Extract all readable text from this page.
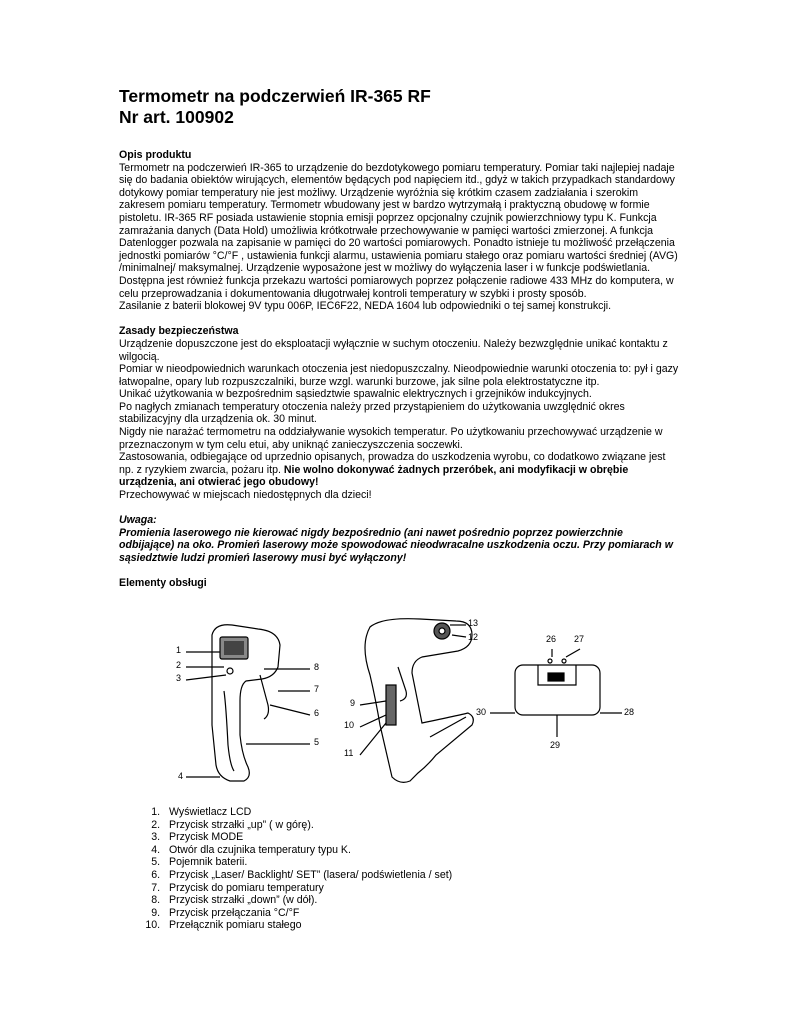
Termometr na podczerwień IR-365 RF
Nr art. 100902
Opis produktu

Termometr na podczerwień IR-365 to urządzenie do bezdotykowego pomiaru temperatury. Pomiar taki najlepiej nadaje się do badania obiektów wirujących, elementów będących pod napięciem itd., gdyż w takich przypadkach standardowy dotykowy pomiar temperatury nie jest możliwy. Urządzenie wyróżnia się krótkim czasem zadziałania i szerokim zakresem pomiaru temperatury. Termometr wbudowany jest w bardzo wytrzymałą i praktyczną obudowę w formie pistoletu. IR-365 RF posiada ustawienie stopnia emisji poprzez opcjonalny czujnik powierzchniowy typu K. Funkcja zamrażania danych (Data Hold) umożliwia krótkotrwałe przechowywanie w pamięci wartości zmierzonej. A funkcja Datenlogger pozwala na zapisanie w pamięci do 20 wartości pomiarowych. Ponadto istnieje tu możliwość przełączenia jednostki pomiarów °C/°F , ustawienia funkcji alarmu, ustawienia pomiaru stałego oraz pomiaru wartości średniej (AVG) /minimalnej/ maksymalnej. Urządzenie wyposażone jest w możliwy do wyłączenia laser i w funkcje podświetlania.

Dostępna jest również funkcja przekazu wartości pomiarowych poprzez połączenie radiowe 433 MHz do komputera, w celu przeprowadzania i dokumentowania długotrwałej kontroli temperatury w szybki i prosty sposób.

Zasilanie z baterii blokowej 9V typu 006P, IEC6F22, NEDA 1604 lub odpowiedniki o tej samej konstrukcji.

Zasady bezpieczeństwa

Urządzenie dopuszczone jest do eksploatacji wyłącznie w suchym otoczeniu. Należy bezwzględnie unikać kontaktu z wilgocią.

Pomiar w nieodpowiednich warunkach otoczenia jest niedopuszczalny. Nieodpowiednie warunki otoczenia to: pył i gazy łatwopalne, opary lub rozpuszczalniki, burze wzgl. warunki burzowe, jak silne pola elektrostatyczne itp.

Unikać użytkowania w bezpośrednim sąsiedztwie spawalnic elektrycznych i grzejników indukcyjnych.

Po nagłych zmianach temperatury otoczenia należy przed przystąpieniem do użytkowania uwzględnić okres stabilizacyjny dla urządzenia ok. 30 minut.

Nigdy nie narażać termometru na oddziaływanie wysokich temperatur. Po użytkowaniu przechowywać urządzenie w przeznaczonym w tym celu etui, aby uniknąć zanieczyszczenia soczewki.

Zastosowania, odbiegające od uprzednio opisanych, prowadza do uszkodzenia wyrobu, co dodatkowo związane jest np. z ryzykiem zwarcia, pożaru itp. Nie wolno dokonywać żadnych przeróbek, ani modyfikacji w obrębie urządzenia, ani otwierać jego obudowy!

Przechowywać w miejscach niedostępnych dla dzieci!

Uwaga:

Promienia laserowego nie kierować nigdy bezpośrednio (ani nawet pośrednio poprzez powierzchnie odbijające) na oko. Promień laserowy może spowodować nieodwracalne uszkodzenia oczu. Przy pomiarach w sąsiedztwie ludzi promień laserowy musi być wyłączony!

Elementy obsługi
1
2
3
4
5
6
7
8
9
10
11
12
13
26 27
28
29
30
1. Wyświetlacz LCD
2. Przycisk strzałki „up” ( w górę).
3. Przycisk MODE
4. Otwór dla czujnika temperatury typu K.
5. Pojemnik baterii.
6. Przycisk „Laser/ Backlight/ SET” (lasera/ podświetlenia / set)
7. Przycisk do pomiaru temperatury
8. Przycisk strzałki „down” (w dół).
9. Przycisk przełączania °C/°F
10. Przełącznik pomiaru stałego
